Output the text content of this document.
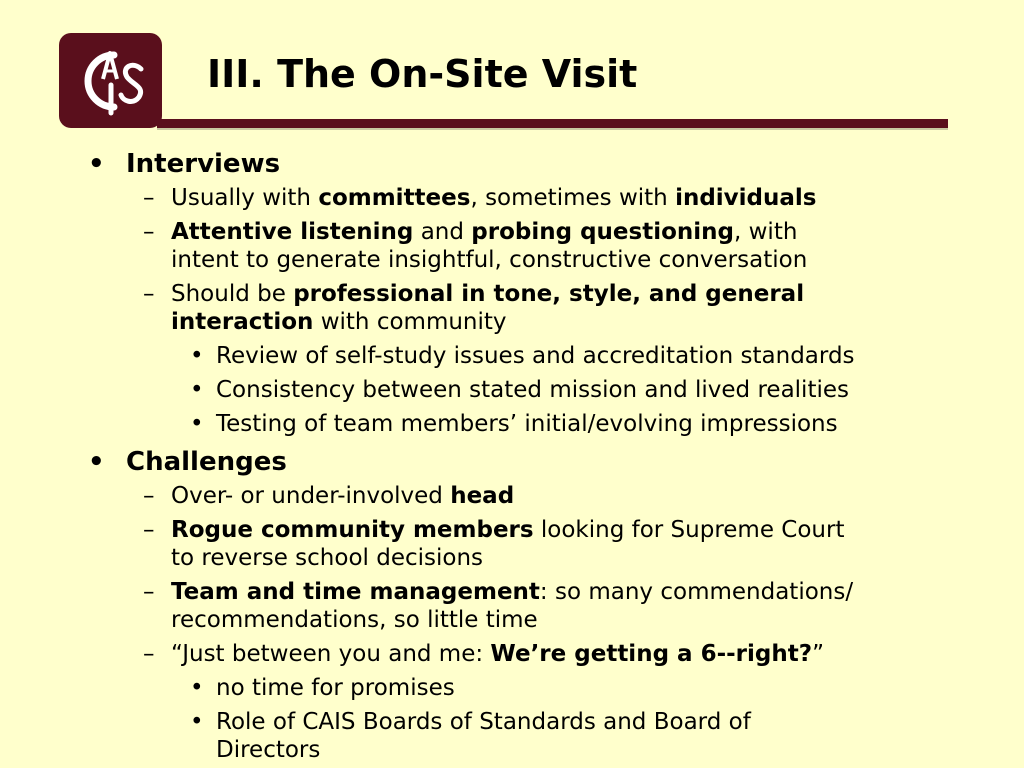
III. The On-Site Visit
• Interviews
– Usually with committees, sometimes with individuals
– Attentive listening and probing questioning, with
intent to generate insightful, constructive conversation
– Should be professional in tone, style, and general
interaction with community
• Review of self-study issues and accreditation standards
• Consistency between stated mission and lived realities
• Testing of team members’ initial/evolving impressions
• Challenges
– Over- or under-involved head
– Rogue community members looking for Supreme Court
to reverse school decisions
– Team and time management: so many commendations/
recommendations, so little time
– “Just between you and me: We’re getting a 6--right?”
• no time for promises
• Role of CAIS Boards of Standards and Board of
Directors
